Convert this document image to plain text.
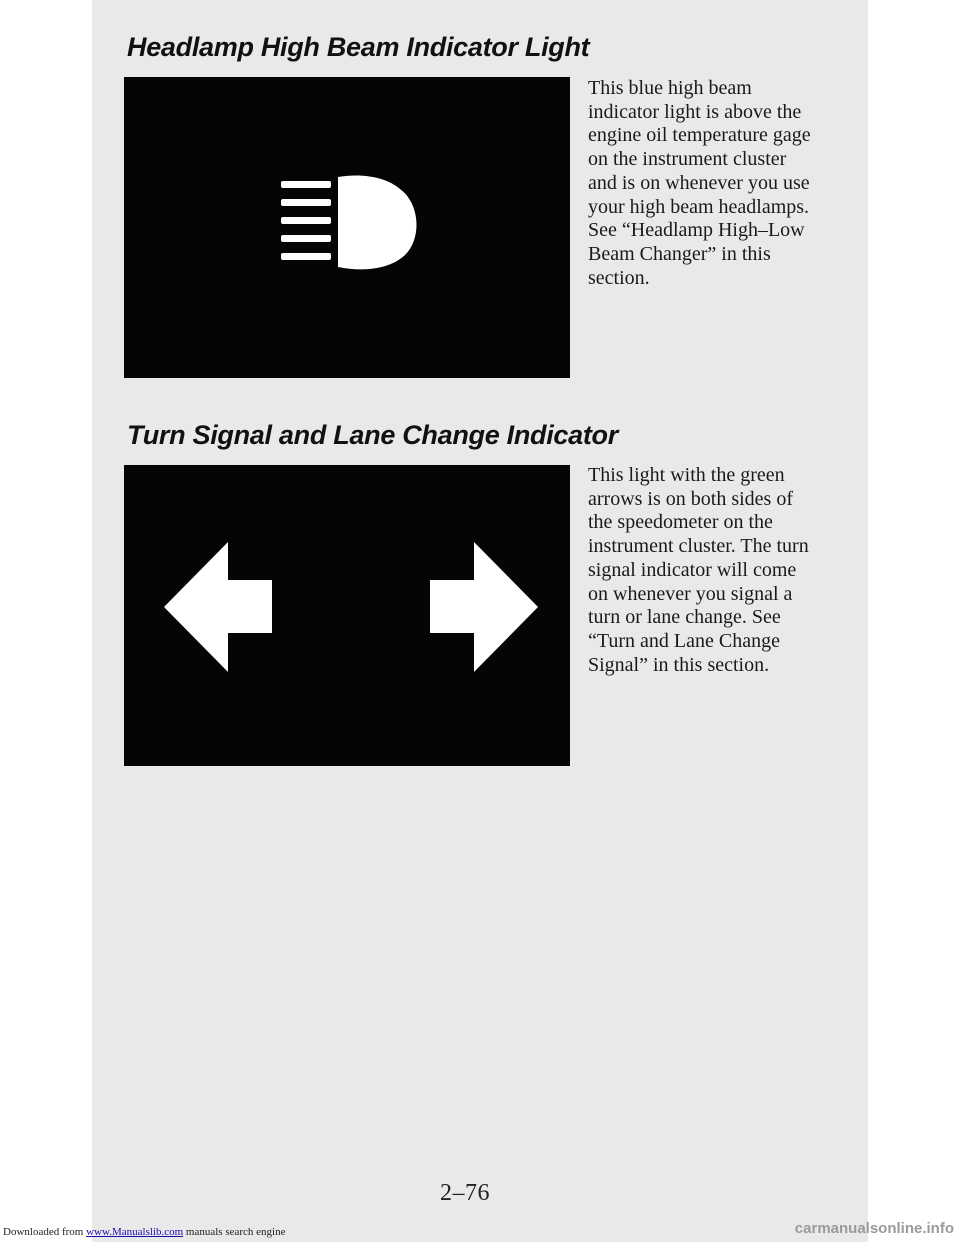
Headlamp High Beam Indicator Light

This blue high beam indicator light is above the engine oil temperature gage on the instrument cluster and is on whenever you use your high beam headlamps. See “Headlamp High–Low Beam Changer” in this section.

Turn Signal and Lane Change Indicator

This light with the green arrows is on both sides of the speedometer on the instrument cluster. The turn signal indicator will come on whenever you signal a turn or lane change. See “Turn and Lane Change Signal” in this section.

2–76
Downloaded from www.Manualslib.com manuals search engine	carmanualsonline.info
